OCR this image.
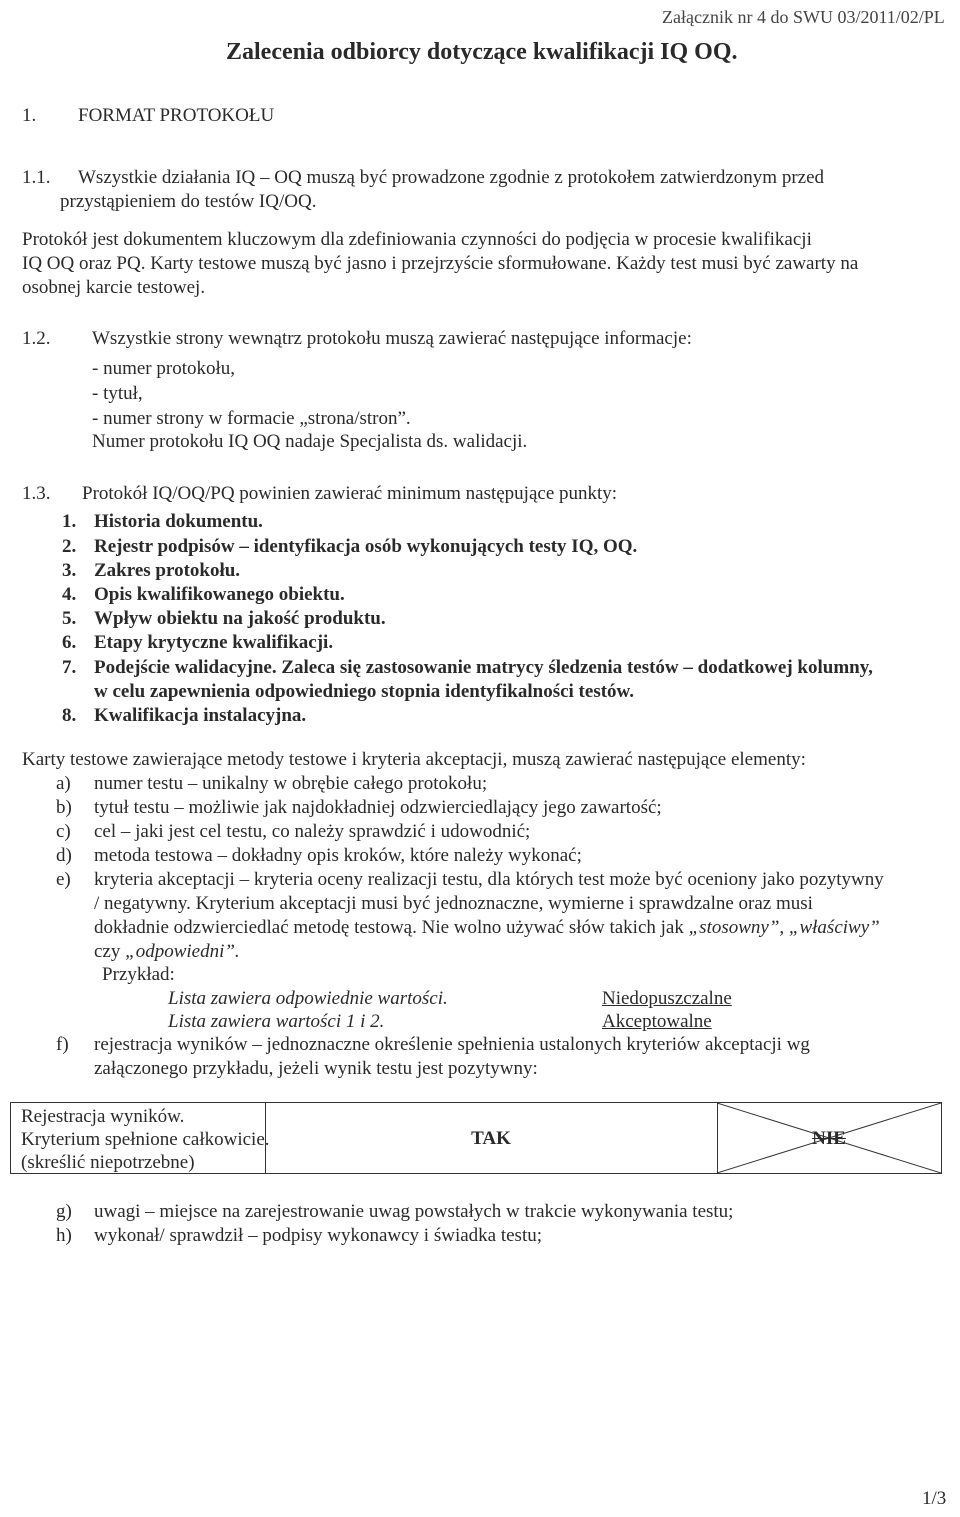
Załącznik nr 4 do SWU 03/2011/02/PL
Zalecenia odbiorcy dotyczące kwalifikacji IQ OQ.
1. FORMAT PROTOKOŁU
1.1. Wszystkie działania IQ – OQ muszą być prowadzone zgodnie z protokołem zatwierdzonym przed
przystąpieniem do testów IQ/OQ.
Protokół jest dokumentem kluczowym dla zdefiniowania czynności do podjęcia w procesie kwalifikacji
IQ OQ oraz PQ. Karty testowe muszą być jasno i przejrzyście sformułowane. Każdy test musi być zawarty na
osobnej karcie testowej.
1.2. Wszystkie strony wewnątrz protokołu muszą zawierać następujące informacje:
- numer protokołu,
- tytuł,
- numer strony w formacie „strona/stron”.
Numer protokołu IQ OQ nadaje Specjalista ds. walidacji.
1.3. Protokół IQ/OQ/PQ powinien zawierać minimum następujące punkty:
1. Historia dokumentu.
2. Rejestr podpisów – identyfikacja osób wykonujących testy IQ, OQ.
3. Zakres protokołu.
4. Opis kwalifikowanego obiektu.
5. Wpływ obiektu na jakość produktu.
6. Etapy krytyczne kwalifikacji.
7. Podejście walidacyjne. Zaleca się zastosowanie matrycy śledzenia testów – dodatkowej kolumny,
w celu zapewnienia odpowiedniego stopnia identyfikalności testów.
8. Kwalifikacja instalacyjna.
Karty testowe zawierające metody testowe i kryteria akceptacji, muszą zawierać następujące elementy:
a) numer testu – unikalny w obrębie całego protokołu;
b) tytuł testu – możliwie jak najdokładniej odzwierciedlający jego zawartość;
c) cel – jaki jest cel testu, co należy sprawdzić i udowodnić;
d) metoda testowa – dokładny opis kroków, które należy wykonać;
e) kryteria akceptacji – kryteria oceny realizacji testu, dla których test może być oceniony jako pozytywny
/ negatywny. Kryterium akceptacji musi być jednoznaczne, wymierne i sprawdzalne oraz musi
dokładnie odzwierciedlać metodę testową. Nie wolno używać słów takich jak „stosowny”, „właściwy”
czy „odpowiedni”.
Przykład:
Lista zawiera odpowiednie wartości.	Niedopuszczalne
Lista zawiera wartości 1 i 2.	Akceptowalne
f) rejestracja wyników – jednoznaczne określenie spełnienia ustalonych kryteriów akceptacji wg
załączonego przykładu, jeżeli wynik testu jest pozytywny:
Rejestracja wyników.
Kryterium spełnione całkowicie.
(skreślić niepotrzebne)
TAK	NIE
g) uwagi – miejsce na zarejestrowanie uwag powstałych w trakcie wykonywania testu;
h) wykonał/ sprawdził – podpisy wykonawcy i świadka testu;
1/3
